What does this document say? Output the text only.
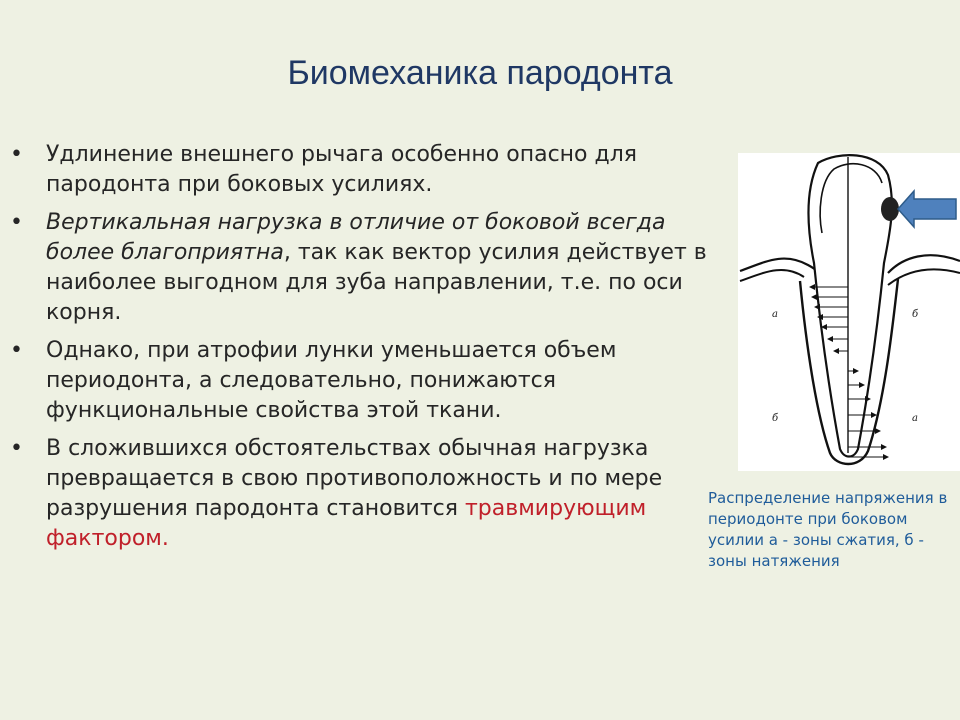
Биомеханика пародонта
• Удлинение внешнего рычага особенно опасно для пародонта при боковых усилиях.
• Вертикальная нагрузка в отличие от боковой всегда более благоприятна, так как вектор усилия действует в наиболее выгодном для зуба направлении, т.е. по оси корня.
• Однако, при атрофии лунки уменьшается объем периодонта, а следовательно, понижаются функциональные свойства этой ткани.
• В сложившихся обстоятельствах обычная нагрузка превращается в свою противоположность и по мере разрушения пародонта становится травмирующим фактором.
а	б
б	а
Распределение напряжения в периодонте при боковом усилии а - зоны сжатия, б - зоны натяжения
